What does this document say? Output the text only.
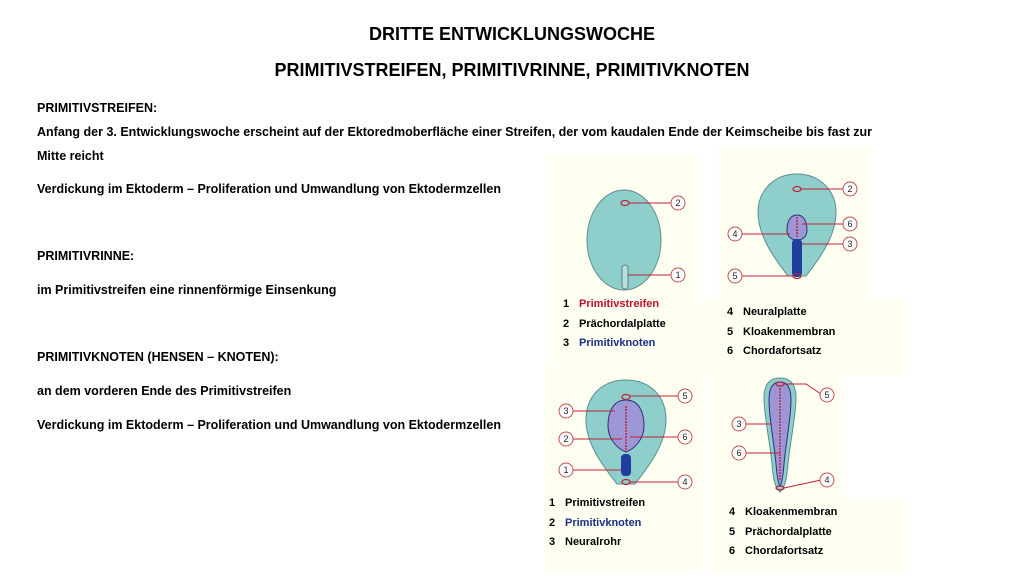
DRITTE ENTWICKLUNGSWOCHE
PRIMITIVSTREIFEN, PRIMITIVRINNE, PRIMITIVKNOTEN
PRIMITIVSTREIFEN:
Anfang der 3. Entwicklungswoche erscheint auf der Ektoredmoberfläche einer Streifen, der vom kaudalen Ende der Keimscheibe bis fast zur
Mitte reicht
Verdickung im Ektoderm – Proliferation und Umwandlung von Ektodermzellen
PRIMITIVRINNE:
im Primitivstreifen eine rinnenförmige Einsenkung
PRIMITIVKNOTEN (HENSEN – KNOTEN):
an dem vorderen Ende des Primitivstreifen
Verdickung im Ektoderm – Proliferation und Umwandlung von Ektodermzellen
2
1
2
6
4
3
5
3
5
2	6
1
4
5
3
6
4
1 Primitivstreifen
2 Prächordalplatte
3 Primitivknoten
4 Neuralplatte
5 Kloakenmembran
6 Chordafortsatz
1 Primitivstreifen
2 Primitivknoten
3 Neuralrohr
4 Kloakenmembran
5 Prächordalplatte
6 Chordafortsatz
